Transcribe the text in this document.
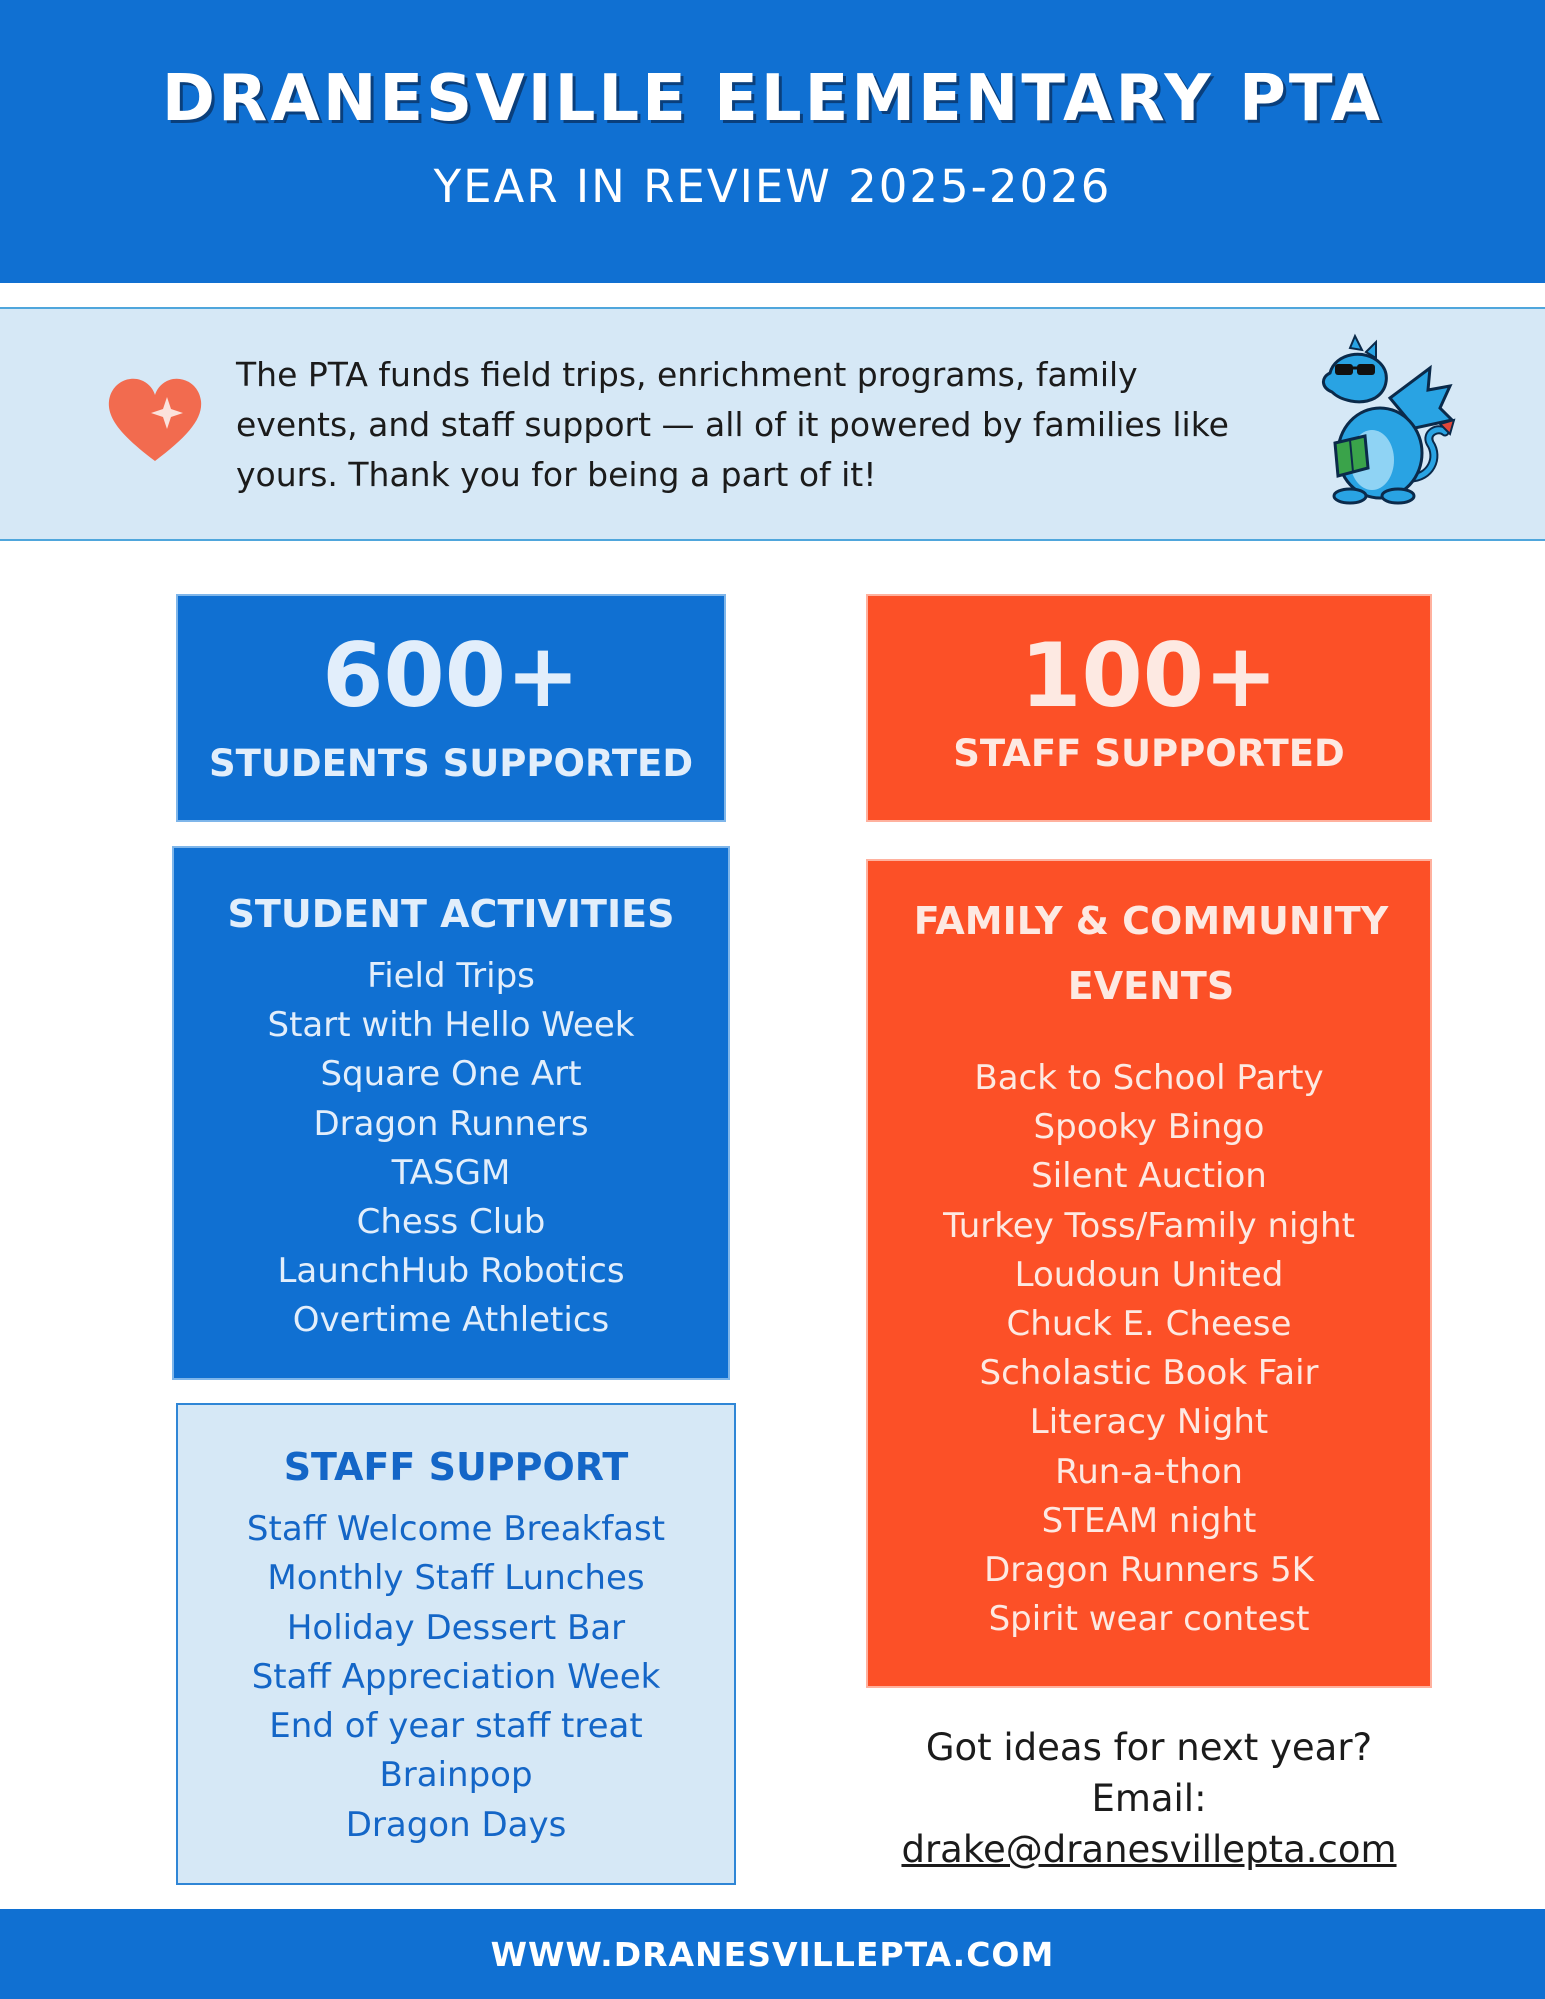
DRANESVILLE ELEMENTARY PTA
YEAR IN REVIEW 2025-2026
The PTA funds field trips, enrichment programs, family events, and staff support — all of it powered by families like yours. Thank you for being a part of it!
600+
STUDENTS SUPPORTED
100+
STAFF SUPPORTED
STUDENT ACTIVITIES
Field Trips
Start with Hello Week
Square One Art
Dragon Runners
TASGM
Chess Club
LaunchHub Robotics
Overtime Athletics
STAFF SUPPORT
Staff Welcome Breakfast
Monthly Staff Lunches
Holiday Dessert Bar
Staff Appreciation Week
End of year staff treat
Brainpop
Dragon Days
FAMILY & COMMUNITY EVENTS
Back to School Party
Spooky Bingo
Silent Auction
Turkey Toss/Family night
Loudoun United
Chuck E. Cheese
Scholastic Book Fair
Literacy Night
Run-a-thon
STEAM night
Dragon Runners 5K
Spirit wear contest
Got ideas for next year?
Email:
drake@dranesvillepta.com
WWW.DRANESVILLEPTA.COM
